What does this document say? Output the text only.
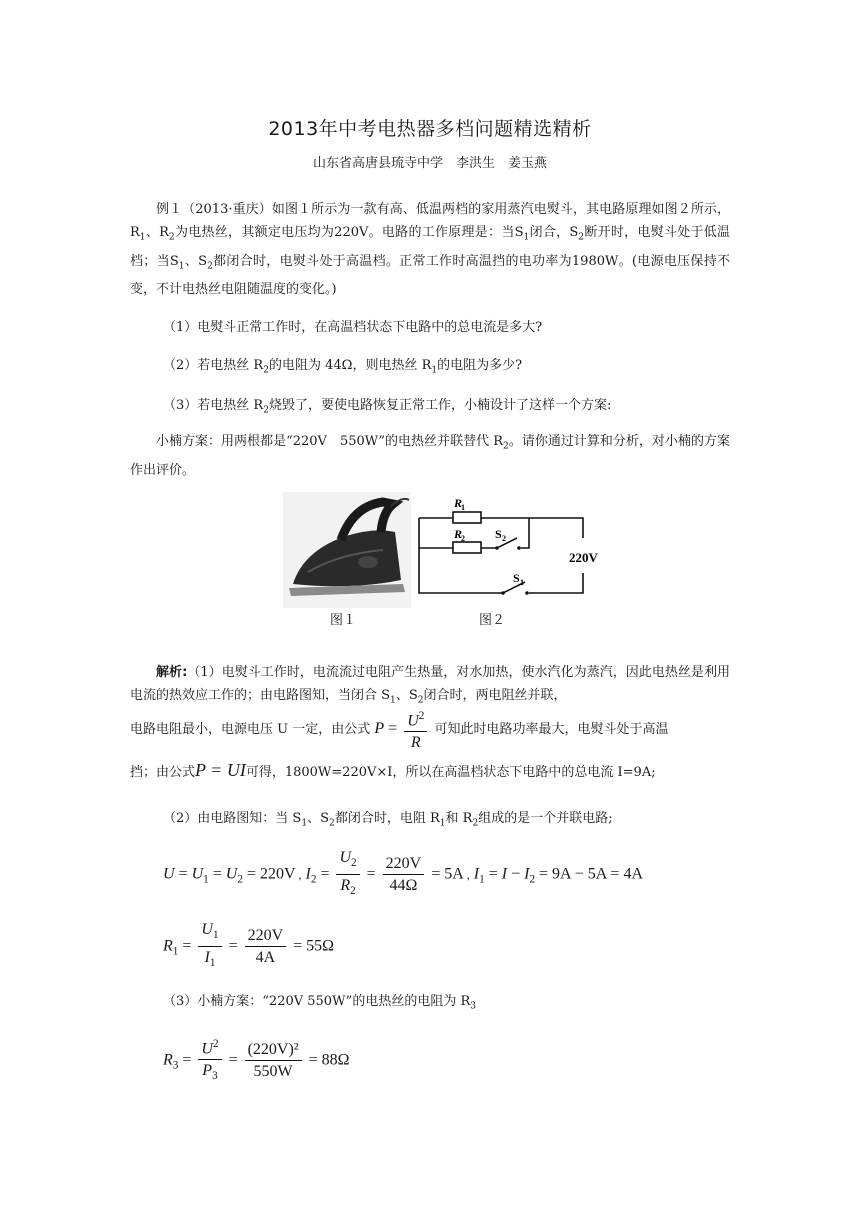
2013年中考电热器多档问题精选精析
山东省高唐县琉寺中学　李洪生　姜玉燕
例１（2013·重庆）如图１所示为一款有高、低温两档的家用蒸汽电熨斗，其电路原理如图２所示，$R_1$、$R_2$为电热丝，其额定电压均为220V。电路的工作原理是：当$S_1$闭合，$S_2$断开时，电熨斗处于低温档；当$S_1$、$S_2$都闭合时，电熨斗处于高温档。正常工作时高温挡的电功率为1980W。(电源电压保持不变，不计电热丝电阻随温度的变化。)
（1）电熨斗正常工作时，在高温档状态下电路中的总电流是多大?
（2）若电热丝 $R_2$的电阻为 44Ω，则电热丝 $R_1$的电阻为多少?
（3）若电热丝 $R_2$烧毁了，要使电路恢复正常工作，小楠设计了这样一个方案:
小楠方案：用两根都是“220V　550W”的电热丝并联替代 $R_2$。请你通过计算和分析，对小楠的方案作出评价。
R
1
R
2	S 2
S 1
220V
图１	图２
解析:（1）电熨斗工作时，电流流过电阻产生热量，对水加热，使水汽化为蒸汽，因此电热丝是利用电流的热效应工作的；由电路图知，当闭合 $S_1$、$S_2$闭合时，两电阻丝并联，
电路电阻最小，电源电压 U 一定，由公式 $P = \frac{U^2}{R}$ 可知此时电路功率最大，电熨斗处于高温
挡；由公式P = UI可得，1800W=220V×I，所以在高温档状态下电路中的总电流 I=9A;
（2）由电路图知：当 $S_1$、$S_2$都闭合时，电阻 $R_1$和 $R_2$组成的是一个并联电路;
$U = U_1 = U_2 = 220V$ , $I_2 = \frac{U_2}{R_2} = \frac{220V}{44\Omega} = 5A$ , $I_1 = I - I_2 = 9A - 5A = 4A$
$R_1 = \frac{U_1}{I_1} = \frac{220V}{4A} = 55\Omega$
（3）小楠方案：“220V 550W”的电热丝的电阻为 $R_3$
$R_3 = \frac{U^2}{P_3} = \frac{\text{(220V)²}}{550W} = 88\Omega$
